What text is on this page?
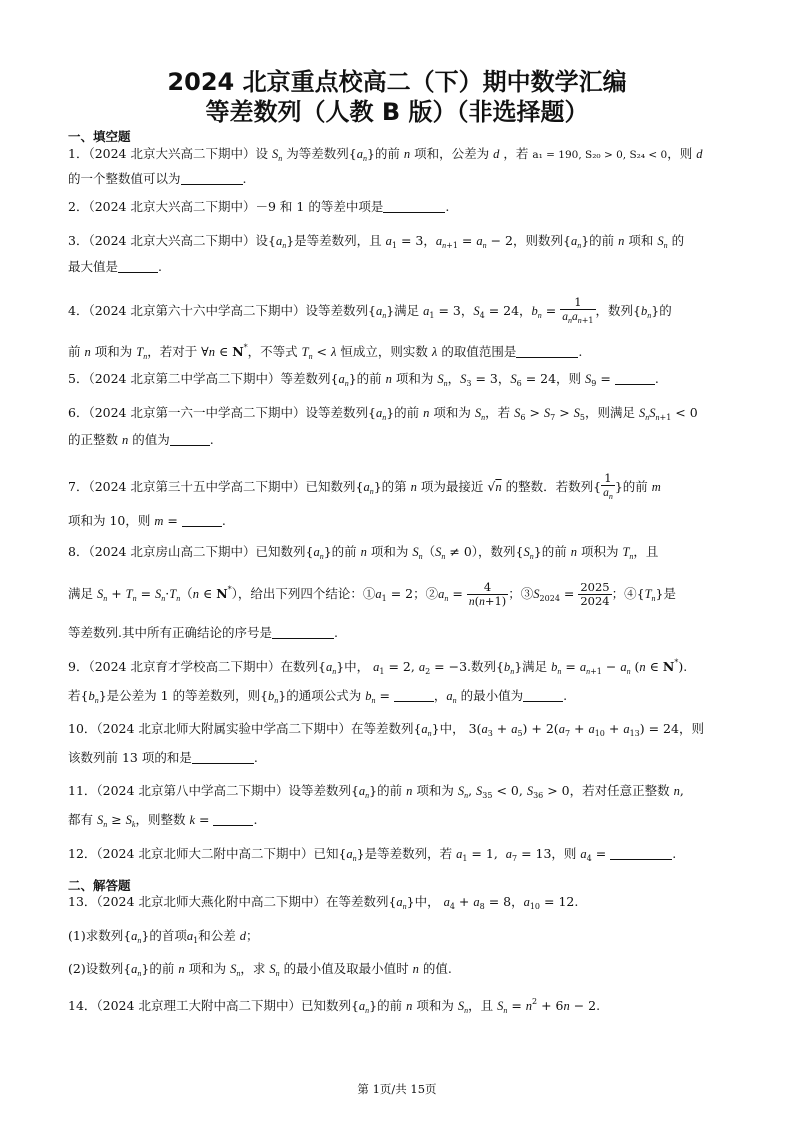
2024 北京重点校高二（下）期中数学汇编
等差数列（人教 B 版）（非选择题）
一、填空题
1．（2024 北京大兴高二下期中）设 $S_n$ 为等差数列$\{a_n\}$的前 n 项和，公差为 d ，若 a₁ = 190, S₂₀ > 0, S₂₄ < 0，则 d
的一个整数值可以为	.
2．（2024 北京大兴高二下期中）－9 和 1 的等差中项是	.
3．（2024 北京大兴高二下期中）设$\{a_n\}$是等差数列，且 $a_1 = 3$，$a_{n+1} = a_n - 2$，则数列$\{a_n\}$的前 n 项和 $S_n$ 的
最大值是	.
4．（2024 北京第六十六中学高二下期中）设等差数列$\{a_n\}$满足 $a_1 = 3$，$S_4 = 24$，$b_n = \frac{1}{a_na_{n+1}}$ ，数列$\{b_n\}$的
前 n 项和为 $T_n$，若对于 ∀n ∈ N*，不等式 $T_n < \lambda$ 恒成立，则实数 λ 的取值范围是	.
5．（2024 北京第二中学高二下期中）等差数列$\{a_n\}$的前 n 项和为 $S_n$，$S_3 = 3$，$S_6 = 24$，则 $S_9$ =	.
6．（2024 北京第一六一中学高二下期中）设等差数列$\{a_n\}$的前 n 项和为 $S_n$，若 $S_6 > S_7 > S_5$，则满足 $S_nS_{n+1} < 0$
的正整数 n 的值为	.
7．（2024 北京第三十五中学高二下期中）已知数列$\{a_n\}$的第 n 项为最接近 √n 的整数．若数列{ $\frac{1}{a_n}$ }的前 m
项和为 10，则 m =	.
8．（2024 北京房山高二下期中）已知数列$\{a_n\}$的前 n 项和为 $S_n(S_n \ne 0)$，数列$\{S_n\}$的前 n 项积为 $T_n$，且
满足 $S_n + T_n = S_n\cdot T_n(n$ ∈ N*），给出下列四个结论：$①a_1 = 2$；$②a_n = \frac{4}{n(n+1)}$ ；$③S_{2024} = \frac{2025}{2024}$ ；$④\{T_n\}$是
等差数列.其中所有正确结论的序号是	.
9．（2024 北京育才学校高二下期中）在数列$\{a_n\}$中， $a_1 = 2$, $a_2 = -3$.数列$\{b_n\}$满足 $b_n = a_{n+1} - a_n$ (n ∈ N*).
若$\{b_n\}$是公差为 1 的等差数列，则$\{b_n\}$的通项公式为 $b_n$ =	，$a_n$ 的最小值为	.
10．（2024 北京北师大附属实验中学高二下期中）在等差数列$\{a_n\}$中， $3(a_3 + a_5) + 2(a_7 + a_{10} + a_{13}) = 24$，则
该数列前 13 项的和是	.
11．（2024 北京第八中学高二下期中）设等差数列$\{a_n\}$的前 n 项和为 $S_n$, $S_{35} < 0$, $S_{36} > 0$，若对任意正整数 n,
都有 $S_n \ge S_k$，则整数 k =	.
12．（2024 北京北师大二附中高二下期中）已知$\{a_n\}$是等差数列，若 $a_1 = 1$,  $a_7 = 13$，则 $a_4$ =	.
二、解答题
13．（2024 北京北师大燕化附中高二下期中）在等差数列$\{a_n\}$中， $a_4 + a_8 = 8$，$a_{10} = 12$.
(1)求数列$\{a_n\}$的首项$a_1$和公差 d；
(2)设数列$\{a_n\}$的前 n 项和为 $S_n$，求 $S_n$ 的最小值及取最小值时 n 的值.
14．（2024 北京理工大附中高二下期中）已知数列$\{a_n\}$的前 n 项和为 $S_n$，且 $S_n = n^2 + 6n - 2$.
第 1页/共 15页
